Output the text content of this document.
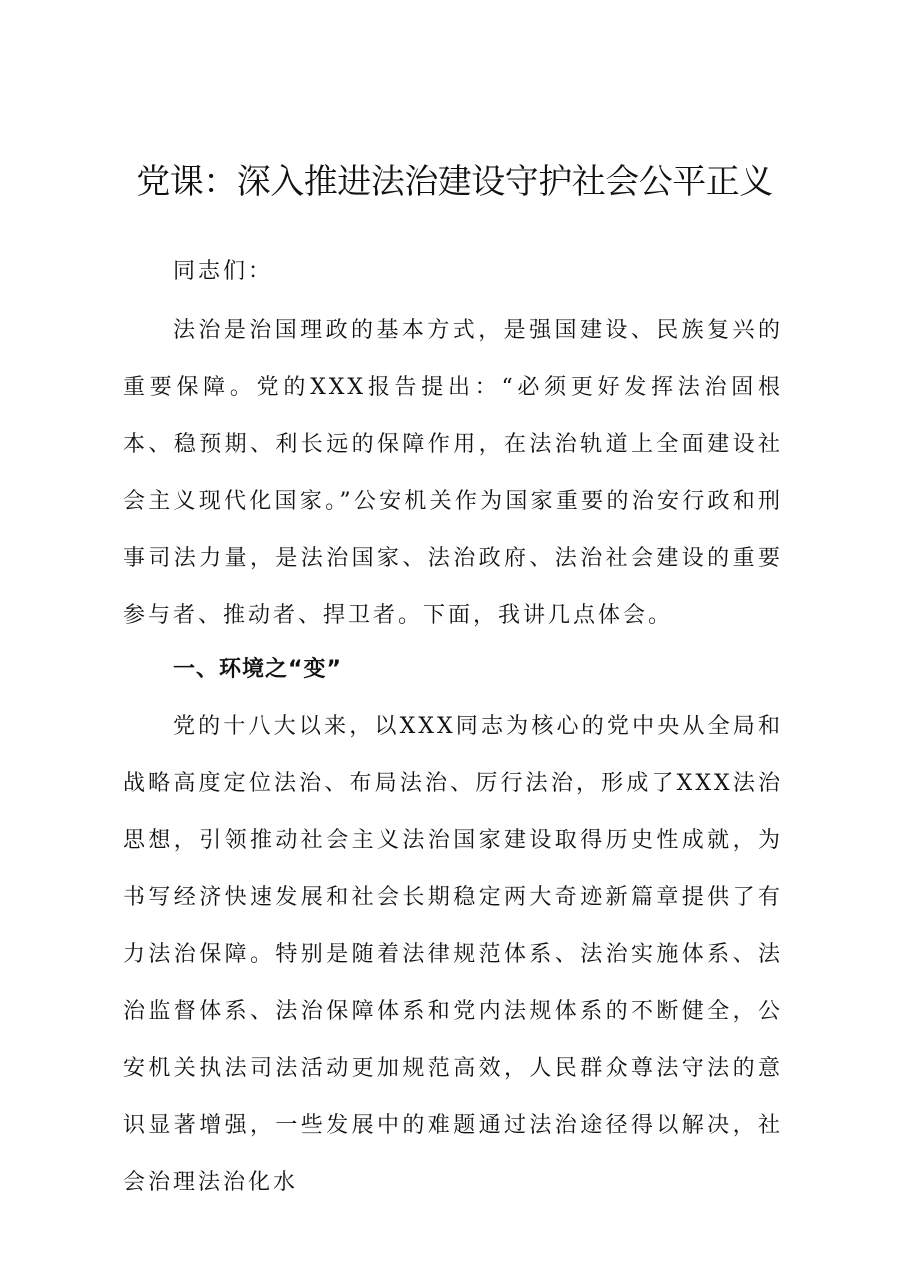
党课：深入推进法治建设守护社会公平正义

同志们：

法治是治国理政的基本方式，是强国建设、民族复兴的重要保障。党的XXX报告提出：“必须更好发挥法治固根本、稳预期、利长远的保障作用，在法治轨道上全面建设社会主义现代化国家。”公安机关作为国家重要的治安行政和刑事司法力量，是法治国家、法治政府、法治社会建设的重要参与者、推动者、捍卫者。下面，我讲几点体会。

一、环境之“变”

党的十八大以来，以XXX同志为核心的党中央从全局和战略高度定位法治、布局法治、厉行法治，形成了XXX法治思想，引领推动社会主义法治国家建设取得历史性成就，为书写经济快速发展和社会长期稳定两大奇迹新篇章提供了有力法治保障。特别是随着法律规范体系、法治实施体系、法治监督体系、法治保障体系和党内法规体系的不断健全，公安机关执法司法活动更加规范高效，人民群众尊法守法的意识显著增强，一些发展中的难题通过法治途径得以解决，社会治理法治化水
